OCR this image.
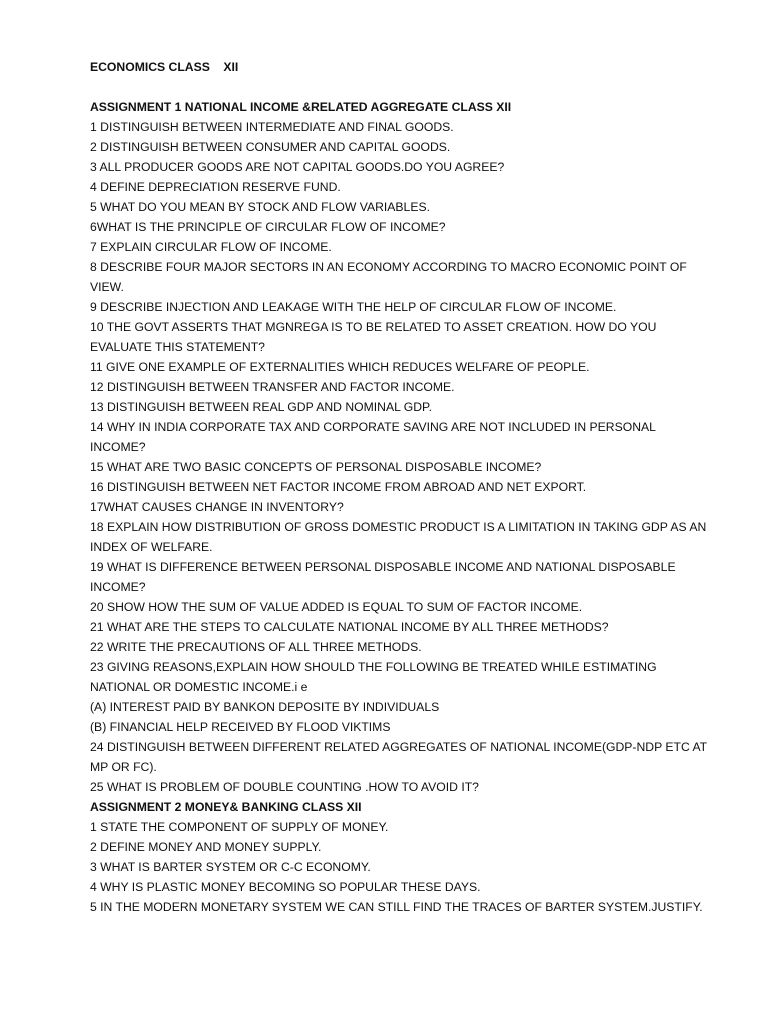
ECONOMICS CLASS    XII
ASSIGNMENT 1 NATIONAL INCOME &RELATED AGGREGATE CLASS XII
1 DISTINGUISH BETWEEN INTERMEDIATE AND FINAL GOODS.
2 DISTINGUISH BETWEEN CONSUMER AND CAPITAL GOODS.
3 ALL PRODUCER GOODS ARE NOT CAPITAL GOODS.DO YOU AGREE?
4 DEFINE DEPRECIATION RESERVE FUND.
5 WHAT DO YOU MEAN BY STOCK AND FLOW VARIABLES.
6WHAT IS THE PRINCIPLE OF CIRCULAR FLOW OF INCOME?
7 EXPLAIN CIRCULAR FLOW OF INCOME.
8 DESCRIBE FOUR MAJOR SECTORS IN AN ECONOMY ACCORDING TO MACRO ECONOMIC POINT OF
VIEW.
9 DESCRIBE INJECTION AND LEAKAGE WITH THE HELP OF CIRCULAR FLOW OF INCOME.
10 THE GOVT ASSERTS THAT MGNREGA IS TO BE RELATED TO ASSET CREATION. HOW DO YOU
EVALUATE THIS STATEMENT?
11 GIVE ONE EXAMPLE OF EXTERNALITIES WHICH REDUCES WELFARE OF PEOPLE.
12 DISTINGUISH BETWEEN TRANSFER AND FACTOR INCOME.
13 DISTINGUISH BETWEEN REAL GDP AND NOMINAL GDP.
14 WHY IN INDIA CORPORATE TAX AND CORPORATE SAVING ARE NOT INCLUDED IN PERSONAL
INCOME?
15 WHAT ARE TWO BASIC CONCEPTS OF PERSONAL DISPOSABLE INCOME?
16 DISTINGUISH BETWEEN NET FACTOR INCOME FROM ABROAD AND NET EXPORT.
17WHAT CAUSES CHANGE IN INVENTORY?
18 EXPLAIN HOW DISTRIBUTION OF GROSS DOMESTIC PRODUCT IS A LIMITATION IN TAKING GDP AS AN
INDEX OF WELFARE.
19 WHAT IS DIFFERENCE BETWEEN PERSONAL DISPOSABLE INCOME AND NATIONAL DISPOSABLE
INCOME?
20 SHOW HOW THE SUM OF VALUE ADDED IS EQUAL TO SUM OF FACTOR INCOME.
21 WHAT ARE THE STEPS TO CALCULATE NATIONAL INCOME BY ALL THREE METHODS?
22 WRITE THE PRECAUTIONS OF ALL THREE METHODS.
23 GIVING REASONS,EXPLAIN HOW SHOULD THE FOLLOWING BE TREATED WHILE ESTIMATING
NATIONAL OR DOMESTIC INCOME.i e
(A) INTEREST PAID BY BANKON DEPOSITE BY INDIVIDUALS
(B) FINANCIAL HELP RECEIVED BY FLOOD VIKTIMS
24 DISTINGUISH BETWEEN DIFFERENT RELATED AGGREGATES OF NATIONAL INCOME(GDP-NDP ETC AT
MP OR FC).
25 WHAT IS PROBLEM OF DOUBLE COUNTING .HOW TO AVOID IT?
ASSIGNMENT 2 MONEY& BANKING CLASS XII
1 STATE THE COMPONENT OF SUPPLY OF MONEY.
2 DEFINE MONEY AND MONEY SUPPLY.
3 WHAT IS BARTER SYSTEM OR C-C ECONOMY.
4 WHY IS PLASTIC MONEY BECOMING SO POPULAR THESE DAYS.
5 IN THE MODERN MONETARY SYSTEM WE CAN STILL FIND THE TRACES OF BARTER SYSTEM.JUSTIFY.
